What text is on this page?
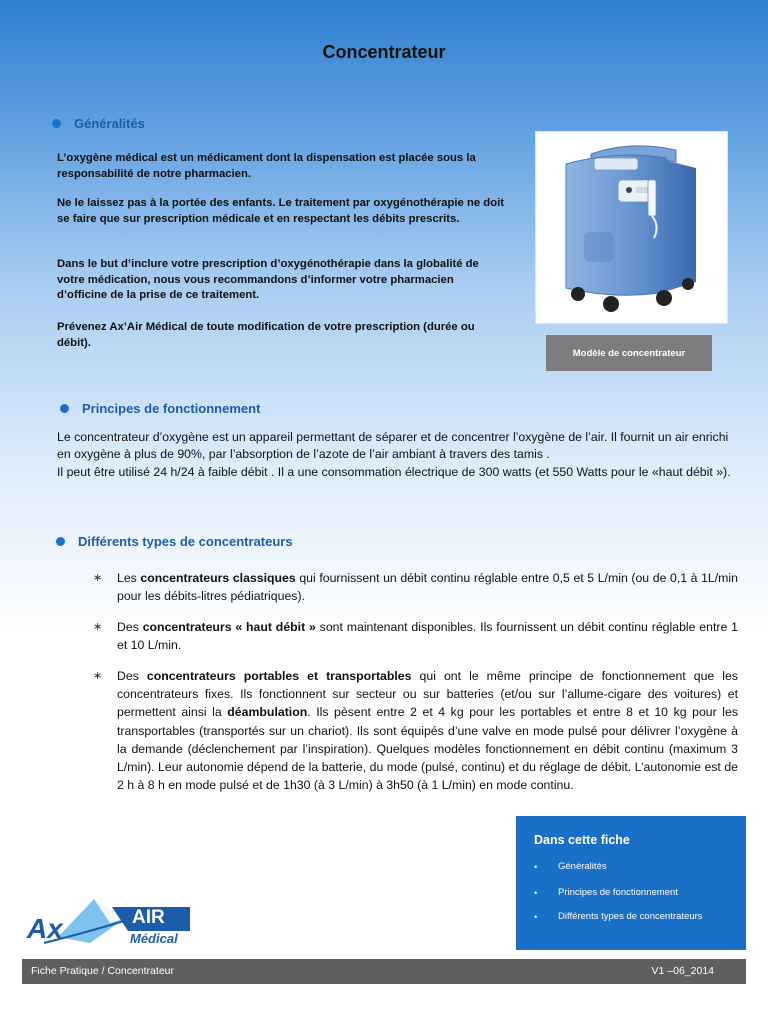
Concentrateur
Généralités
L’oxygène médical est un médicament dont la dispensation est placée sous la responsabilité de notre pharmacien.
Ne le laissez pas à la portée des enfants. Le traitement par oxygénothérapie ne doit se faire que sur prescription médicale et en respectant les débits prescrits.
Dans le but d’inclure votre prescription d’oxygénothérapie dans la globalité de votre médication, nous vous recommandons d’informer votre pharmacien d’officine de la prise de ce traitement.
Prévenez Ax’Air Médical de toute modification de votre prescription (durée ou débit).
Modèle de concentrateur
Principes de fonctionnement
Le concentrateur d’oxygène est un appareil permettant de séparer et de concentrer l’oxygène de l’air. Il fournit un air enrichi en oxygène à plus de 90%, par l’absorption de l’azote de l’air ambiant à travers des tamis .
Il peut être utilisé 24 h/24 à faible débit . Il a une consommation électrique de 300 watts (et 550 Watts pour le «haut débit »).
Différents types de concentrateurs
∗	Les concentrateurs classiques qui fournissent un débit continu réglable entre 0,5 et 5 L/min (ou de 0,1 à 1L/min pour les débits-litres pédiatriques).
∗	Des concentrateurs « haut débit » sont maintenant disponibles. Ils fournissent un débit continu réglable entre 1 et 10 L/min.
∗	Des concentrateurs portables et transportables qui ont le même principe de fonctionnement que les concentrateurs fixes. Ils fonctionnent sur secteur ou sur batteries (et/ou sur l’allume-cigare des voitures) et permettent ainsi la déambulation. Ils pèsent entre 2 et 4 kg pour les portables et entre 8 et 10 kg pour les transportables (transportés sur un chariot). Ils sont équipés d’une valve en mode pulsé pour délivrer l’oxygène à la demande (déclenchement par l’inspiration). Quelques modèles fonctionnement en débit continu (maximum 3 L/min). Leur autonomie dépend de la batterie, du mode (pulsé, continu) et du réglage de débit. L’autonomie est de 2 h à 8 h en mode pulsé et de 1h30 (à 3 L/min) à 3h50 (à 1 L/min) en mode continu.
Dans cette fiche
•	Généralités
•	Principes de fonctionnement
•	Différents types de concentrateurs
Ax	AIR
Médical
Fiche Pratique / Concentrateur	V1 –06_2014
